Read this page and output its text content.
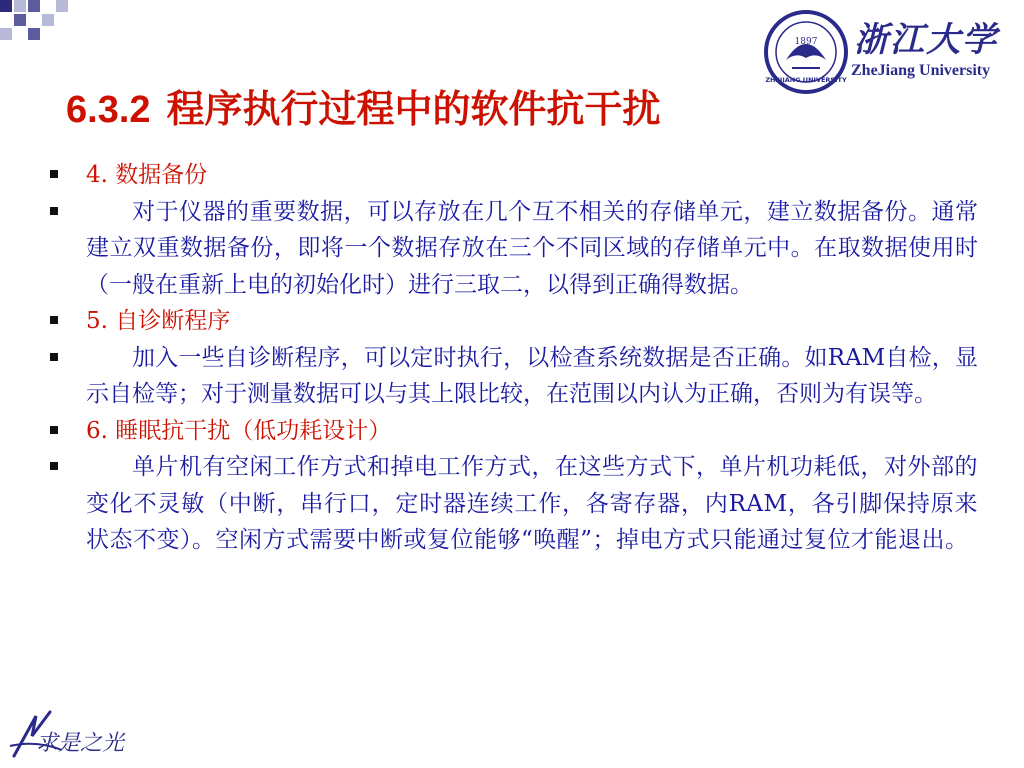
1897
ZHEJIANG UNIVERSITY
浙江大学
ZheJiang University
6.3.2 程序执行过程中的软件抗干扰
4. 数据备份
对于仪器的重要数据，可以存放在几个互不相关的存储单元，建立数据备份。通常建立双重数据备份，即将一个数据存放在三个不同区域的存储单元中。在取数据使用时（一般在重新上电的初始化时）进行三取二，以得到正确得数据。
5. 自诊断程序
加入一些自诊断程序，可以定时执行，以检查系统数据是否正确。如RAM自检，显示自检等；对于测量数据可以与其上限比较，在范围以内认为正确，否则为有误等。
6. 睡眠抗干扰（低功耗设计）
单片机有空闲工作方式和掉电工作方式，在这些方式下，单片机功耗低，对外部的变化不灵敏（中断，串行口，定时器连续工作，各寄存器，内RAM，各引脚保持原来状态不变）。空闲方式需要中断或复位能够“唤醒”；掉电方式只能通过复位才能退出。
求是之光
